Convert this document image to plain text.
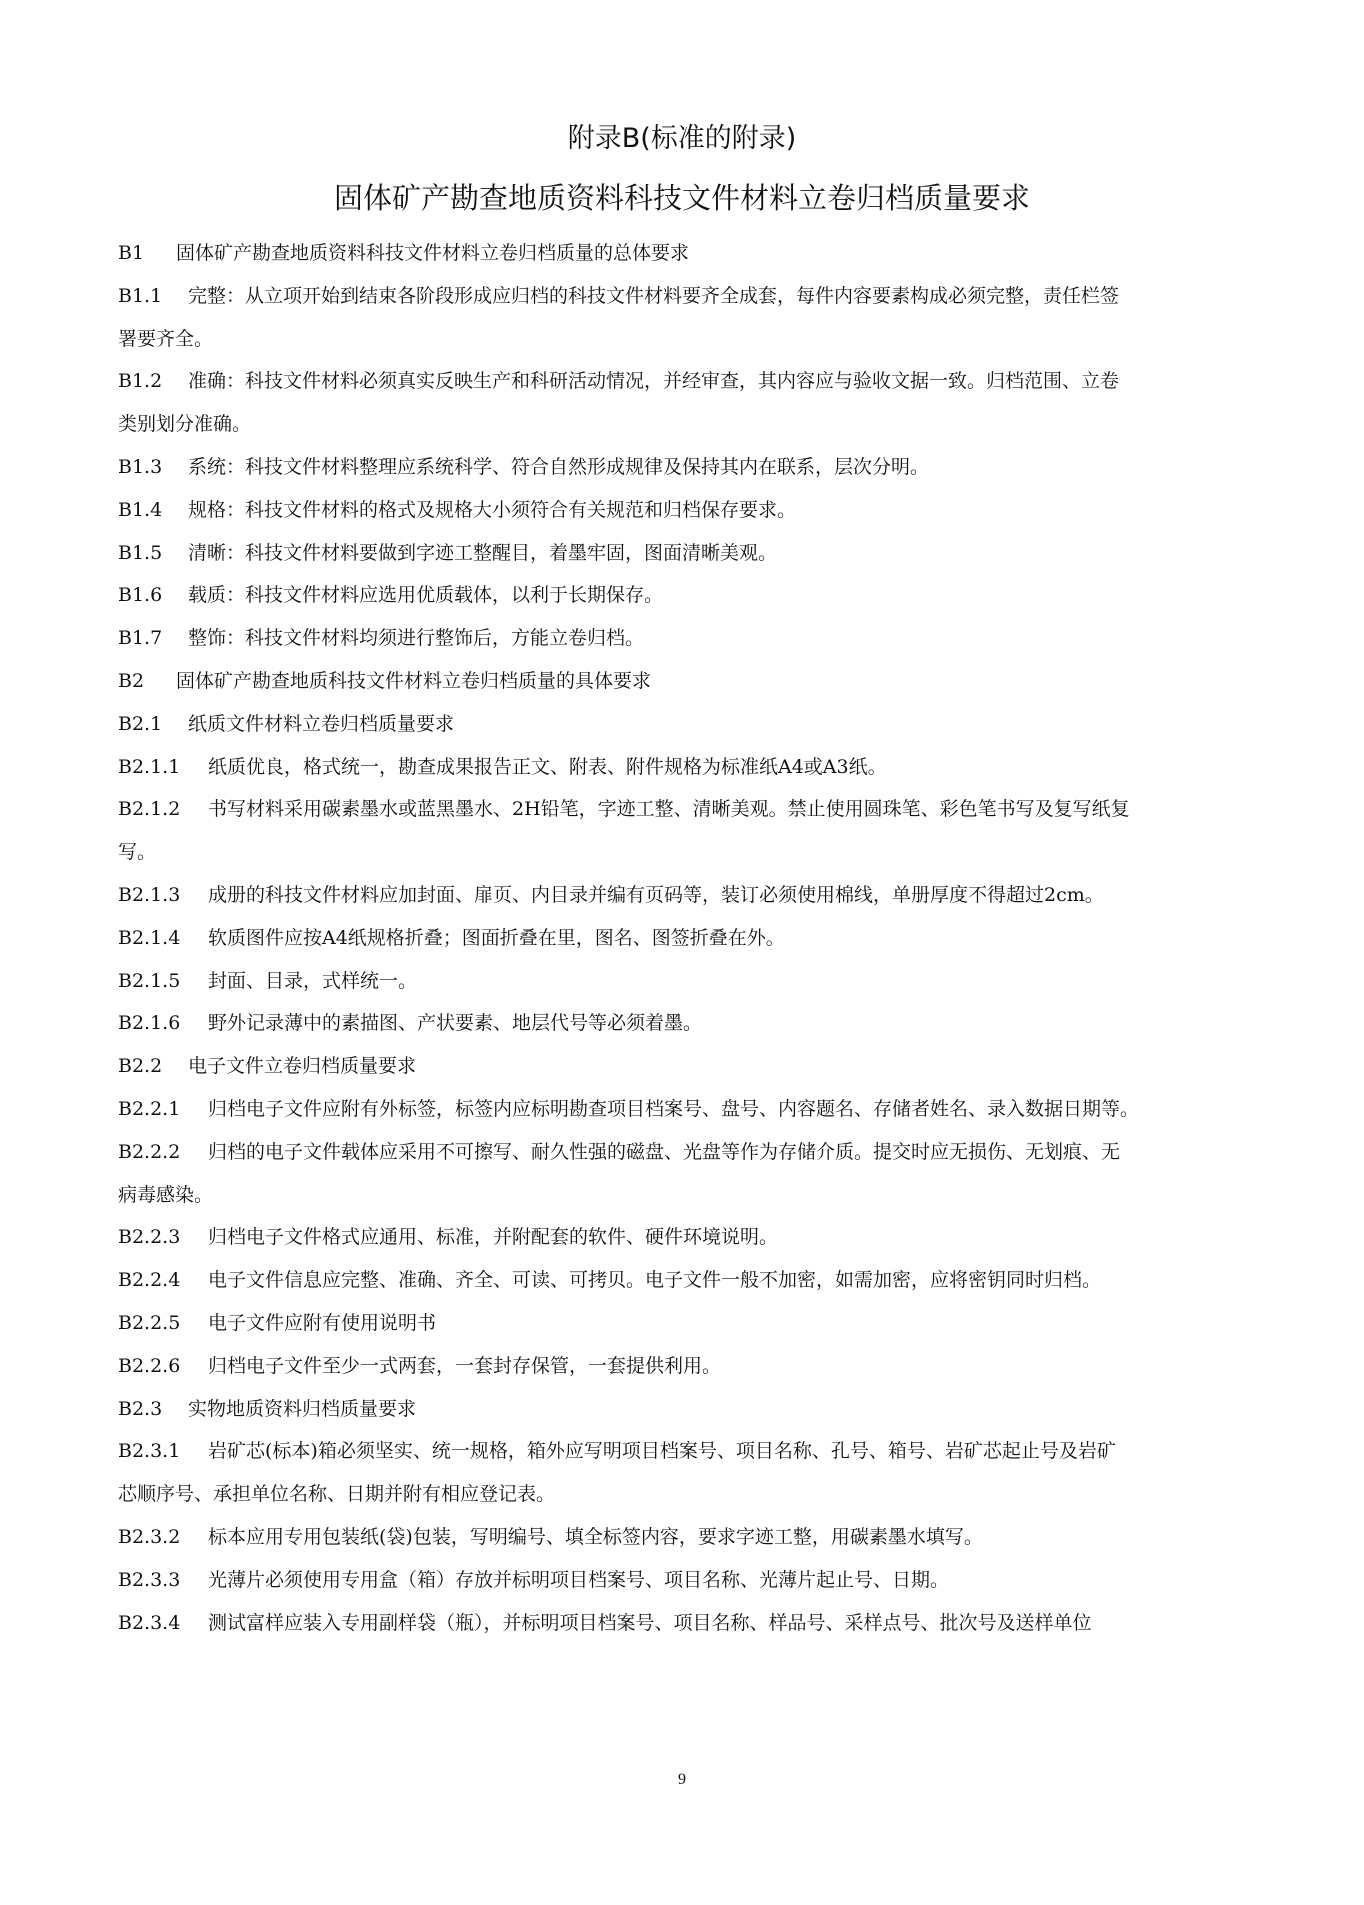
附录B(标准的附录)
固体矿产勘查地质资料科技文件材料立卷归档质量要求
B1 固体矿产勘查地质资料科技文件材料立卷归档质量的总体要求
B1.1 完整：从立项开始到结束各阶段形成应归档的科技文件材料要齐全成套，每件内容要素构成必须完整，责任栏签
署要齐全。
B1.2 准确：科技文件材料必须真实反映生产和科研活动情况，并经审查，其内容应与验收文据一致。归档范围、立卷
类别划分准确。
B1.3 系统：科技文件材料整理应系统科学、符合自然形成规律及保持其内在联系，层次分明。
B1.4 规格：科技文件材料的格式及规格大小须符合有关规范和归档保存要求。
B1.5 清晰：科技文件材料要做到字迹工整醒目，着墨牢固，图面清晰美观。
B1.6 载质：科技文件材料应选用优质载体，以利于长期保存。
B1.7 整饰：科技文件材料均须进行整饰后，方能立卷归档。
B2 固体矿产勘查地质科技文件材料立卷归档质量的具体要求
B2.1 纸质文件材料立卷归档质量要求
B2.1.1 纸质优良，格式统一，勘查成果报告正文、附表、附件规格为标准纸A4或A3纸。
B2.1.2 书写材料采用碳素墨水或蓝黑墨水、2H铅笔，字迹工整、清晰美观。禁止使用圆珠笔、彩色笔书写及复写纸复
写。
B2.1.3 成册的科技文件材料应加封面、扉页、内目录并编有页码等，装订必须使用棉线，单册厚度不得超过2cm。
B2.1.4 软质图件应按A4纸规格折叠；图面折叠在里，图名、图签折叠在外。
B2.1.5 封面、目录，式样统一。
B2.1.6 野外记录薄中的素描图、产状要素、地层代号等必须着墨。
B2.2 电子文件立卷归档质量要求
B2.2.1 归档电子文件应附有外标签，标签内应标明勘查项目档案号、盘号、内容题名、存储者姓名、录入数据日期等。
B2.2.2 归档的电子文件载体应采用不可擦写、耐久性强的磁盘、光盘等作为存储介质。提交时应无损伤、无划痕、无
病毒感染。
B2.2.3 归档电子文件格式应通用、标准，并附配套的软件、硬件环境说明。
B2.2.4 电子文件信息应完整、准确、齐全、可读、可拷贝。电子文件一般不加密，如需加密，应将密钥同时归档。
B2.2.5 电子文件应附有使用说明书
B2.2.6 归档电子文件至少一式两套，一套封存保管，一套提供利用。
B2.3 实物地质资料归档质量要求
B2.3.1 岩矿芯(标本)箱必须坚实、统一规格，箱外应写明项目档案号、项目名称、孔号、箱号、岩矿芯起止号及岩矿
芯顺序号、承担单位名称、日期并附有相应登记表。
B2.3.2 标本应用专用包装纸(袋)包装，写明编号、填全标签内容，要求字迹工整，用碳素墨水填写。
B2.3.3 光薄片必须使用专用盒（箱）存放并标明项目档案号、项目名称、光薄片起止号、日期。
B2.3.4 测试富样应装入专用副样袋（瓶），并标明项目档案号、项目名称、样品号、采样点号、批次号及送样单位
9
